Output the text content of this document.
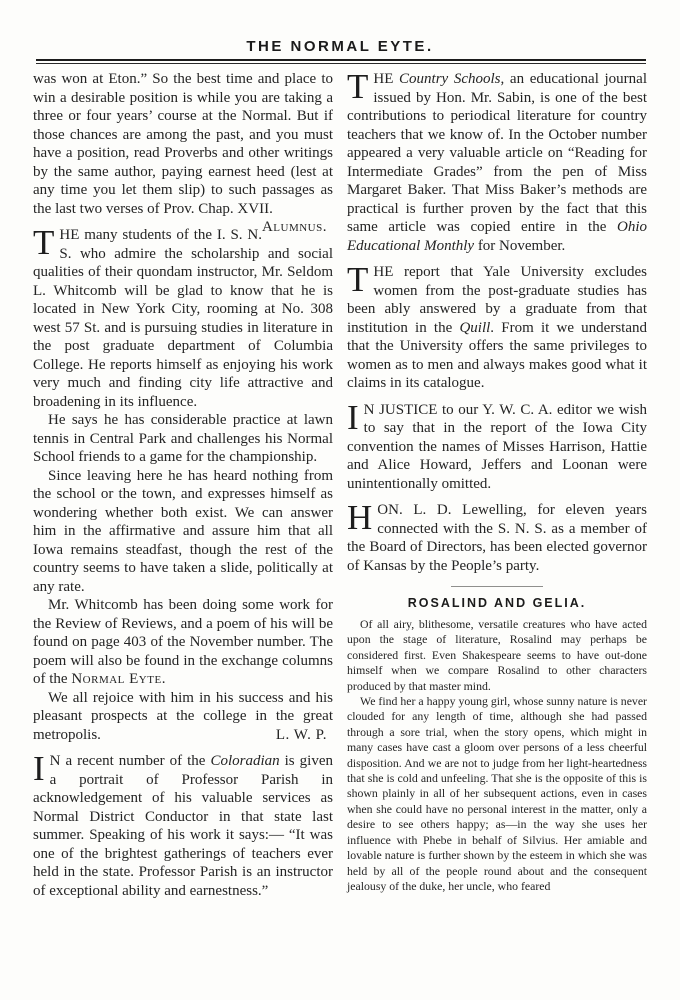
THE NORMAL EYTE.

was won at Eton.” So the best time and place to win a desirable position is while you are taking a three or four years’ course at the Normal. But if those chances are among the past, and you must have a position, read Proverbs and other writings by the same author, paying earnest heed (lest at any time you let them slip) to such passages as the last two verses of Prov. Chap. XVII.
Alumnus.

THE many students of the I. S. N. S. who admire the scholarship and social qualities of their quondam instructor, Mr. Seldom L. Whitcomb will be glad to know that he is located in New York City, rooming at No. 308 west 57 St. and is pursuing studies in literature in the post graduate department of Columbia College. He reports himself as enjoying his work very much and finding city life attractive and broadening in its influence.

He says he has considerable practice at lawn tennis in Central Park and challenges his Normal School friends to a game for the championship.

Since leaving here he has heard nothing from the school or the town, and expresses himself as wondering whether both exist. We can answer him in the affirmative and assure him that all Iowa remains steadfast, though the rest of the country seems to have taken a slide, politically at any rate.

Mr. Whitcomb has been doing some work for the Review of Reviews, and a poem of his will be found on page 403 of the November number. The poem will also be found in the exchange columns of the Normal Eyte.

We all rejoice with him in his success and his pleasant prospects at the college in the great metropolis.	L. W. P.

I N a recent number of the Coloradian is given a portrait of Professor Parish in acknowledgement of his valuable services as Normal District Conductor in that state last summer. Speaking of his work it says:— “It was one of the brightest gatherings of teachers ever held in the state. Professor Parish is an instructor of exceptional ability and earnestness.”

THE Country Schools, an educational journal issued by Hon. Mr. Sabin, is one of the best contributions to periodical literature for country teachers that we know of. In the October number appeared a very valuable article on “Reading for Intermediate Grades” from the pen of Miss Margaret Baker. That Miss Baker’s methods are practical is further proven by the fact that this same article was copied entire in the Ohio Educational Monthly for November.

THE report that Yale University excludes women from the post-graduate studies has been ably answered by a graduate from that institution in the Quill. From it we understand that the University offers the same privileges to women as to men and always makes good what it claims in its catalogue.

I N JUSTICE to our Y. W. C. A. editor we wish to say that in the report of the Iowa City convention the names of Misses Harrison, Hattie and Alice Howard, Jeffers and Loonan were unintentionally omitted.

HON. L. D. Lewelling, for eleven years connected with the S. N. S. as a member of the Board of Directors, has been elected governor of Kansas by the People’s party.

ROSALIND AND GELIA.

Of all airy, blithesome, versatile creatures who have acted upon the stage of literature, Rosalind may perhaps be considered first. Even Shakespeare seems to have out-done himself when we compare Rosalind to other characters produced by that master mind.

We find her a happy young girl, whose sunny nature is never clouded for any length of time, although she had passed through a sore trial, when the story opens, which might in many cases have cast a gloom over persons of a less cheerful disposition. And we are not to judge from her light-heartedness that she is cold and unfeeling. That she is the opposite of this is shown plainly in all of her subsequent actions, even in cases when she could have no personal interest in the matter, only a desire to see others happy; as—in the way she uses her influence with Phebe in behalf of Silvius. Her amiable and lovable nature is further shown by the esteem in which she was held by all of the people round about and the consequent jealousy of the duke, her uncle, who feared
